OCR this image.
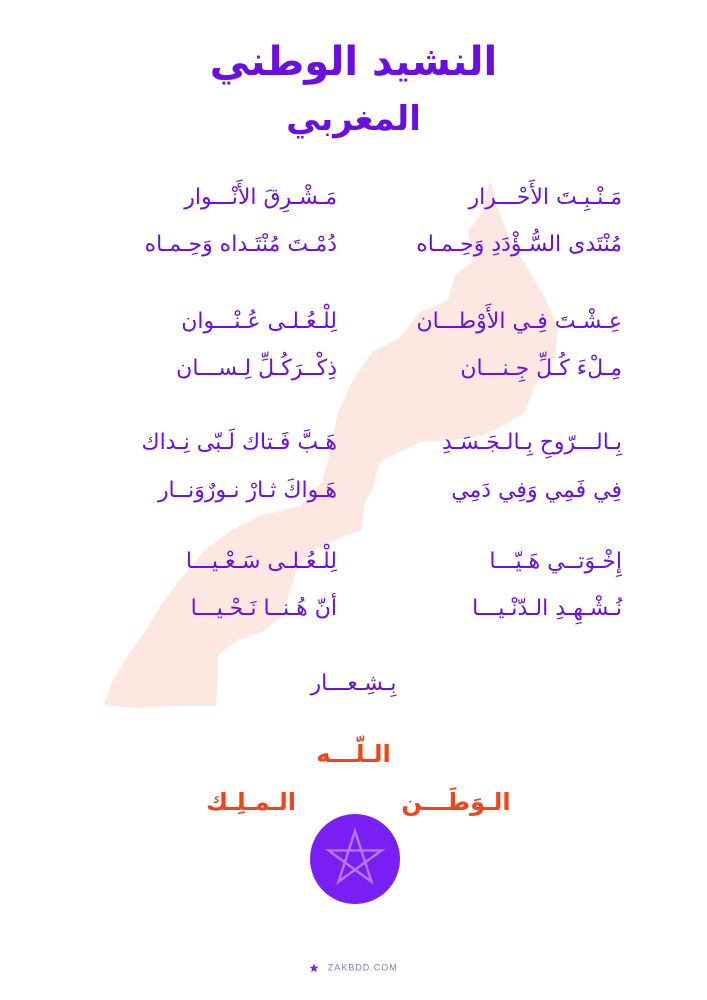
النشيد الوطني
المغربي
مَـنْـبِـتَ الأَحْـــرار
مَـشْـرِقَ الأَنْـــوار
مُنْتَدى السُّـؤْدَدِ وَحِـمـاه
دُمْـتَ مُنْتَـداه وَحِـمـاه
عِـشْـتَ فِـي الأَوْطـــان
لِلْـعُـلـى عُـنْـــوان
مِـلْءَ كُـلِّ جِـنـــان
ذِكْــرَكُـلِّ لِـســـان
بِـالـــرّوحِ بِـالـجَـسَـدِ
هَـبَّ فَـتاك لَـبّى نِـداك
فِي فَمِي وَفِي دَمِي
هَـواكَ ثـارْ نـورٌوَنــار
إِخْـوَتــي هَـيّـــا
لِلْـعُـلـى سَـعْـيـــا
نُـشْـهِـدِ الـدّنْـيـــا
أنّ هُـنــا نَـحْـيـــا
بِـشِـعـــار
الـلّـــه
الـوَطَـــن
الـمـلِـك
ZAKBDD.COM
